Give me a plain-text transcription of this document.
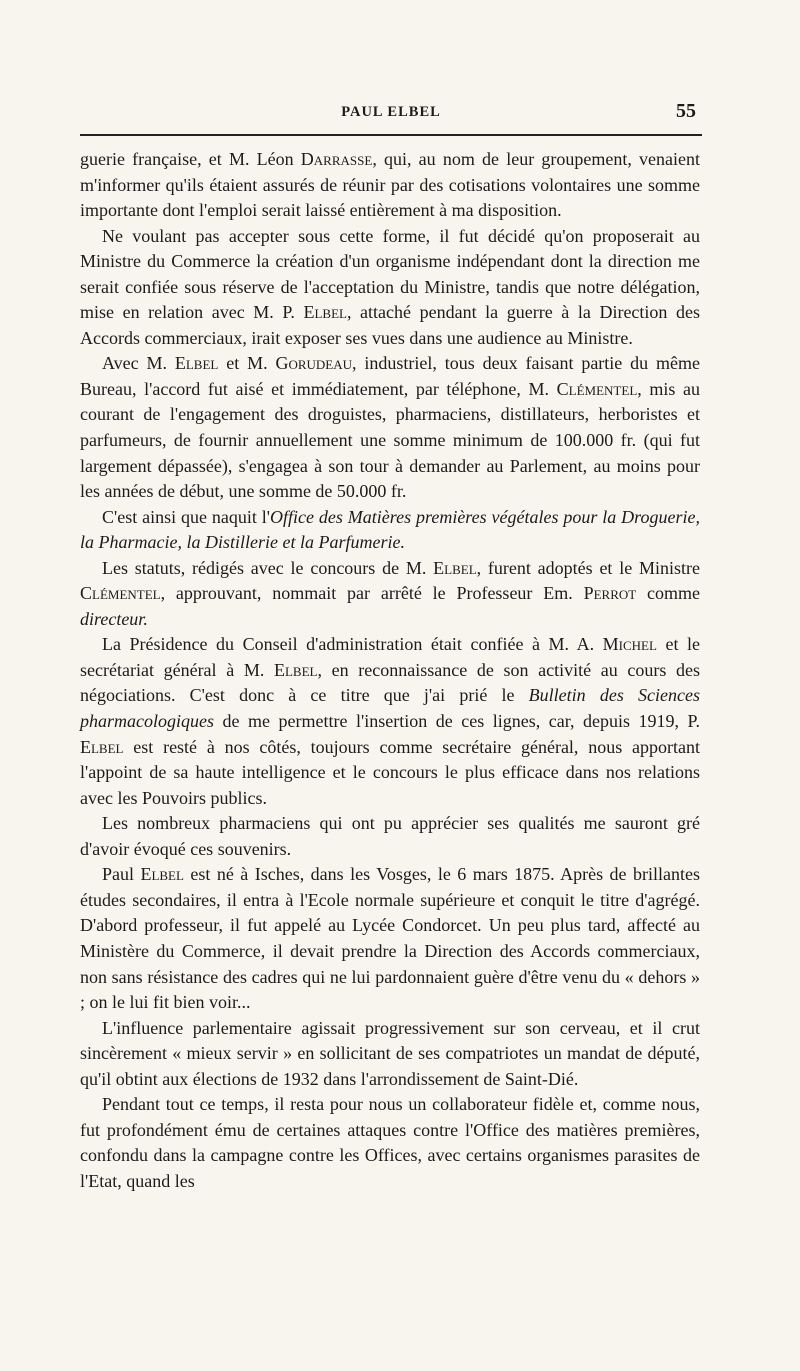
PAUL ELBEL	55

guerie française, et M. Léon Darrasse, qui, au nom de leur groupement, venaient m'informer qu'ils étaient assurés de réunir par des cotisations volontaires une somme importante dont l'emploi serait laissé entièrement à ma disposition.

Ne voulant pas accepter sous cette forme, il fut décidé qu'on proposerait au Ministre du Commerce la création d'un organisme indépendant dont la direction me serait confiée sous réserve de l'acceptation du Ministre, tandis que notre délégation, mise en relation avec M. P. Elbel, attaché pendant la guerre à la Direction des Accords commerciaux, irait exposer ses vues dans une audience au Ministre.

Avec M. Elbel et M. Gorudeau, industriel, tous deux faisant partie du même Bureau, l'accord fut aisé et immédiatement, par téléphone, M. Clémentel, mis au courant de l'engagement des droguistes, pharmaciens, distillateurs, herboristes et parfumeurs, de fournir annuellement une somme minimum de 100.000 fr. (qui fut largement dépassée), s'engagea à son tour à demander au Parlement, au moins pour les années de début, une somme de 50.000 fr.

C'est ainsi que naquit l'Office des Matières premières végétales pour la Droguerie, la Pharmacie, la Distillerie et la Parfumerie.

Les statuts, rédigés avec le concours de M. Elbel, furent adoptés et le Ministre Clémentel, approuvant, nommait par arrêté le Professeur Em. Perrot comme directeur.

La Présidence du Conseil d'administration était confiée à M. A. Michel et le secrétariat général à M. Elbel, en reconnaissance de son activité au cours des négociations. C'est donc à ce titre que j'ai prié le Bulletin des Sciences pharmacologiques de me permettre l'insertion de ces lignes, car, depuis 1919, P. Elbel est resté à nos côtés, toujours comme secrétaire général, nous apportant l'appoint de sa haute intelligence et le concours le plus efficace dans nos relations avec les Pouvoirs publics.

Les nombreux pharmaciens qui ont pu apprécier ses qualités me sauront gré d'avoir évoqué ces souvenirs.

Paul Elbel est né à Isches, dans les Vosges, le 6 mars 1875. Après de brillantes études secondaires, il entra à l'Ecole normale supérieure et conquit le titre d'agrégé. D'abord professeur, il fut appelé au Lycée Condorcet. Un peu plus tard, affecté au Ministère du Commerce, il devait prendre la Direction des Accords commerciaux, non sans résistance des cadres qui ne lui pardonnaient guère d'être venu du « dehors » ; on le lui fit bien voir...

L'influence parlementaire agissait progressivement sur son cerveau, et il crut sincèrement « mieux servir » en sollicitant de ses compatriotes un mandat de député, qu'il obtint aux élections de 1932 dans l'arrondissement de Saint-Dié.

Pendant tout ce temps, il resta pour nous un collaborateur fidèle et, comme nous, fut profondément ému de certaines attaques contre l'Office des matières premières, confondu dans la campagne contre les Offices, avec certains organismes parasites de l'Etat, quand les
